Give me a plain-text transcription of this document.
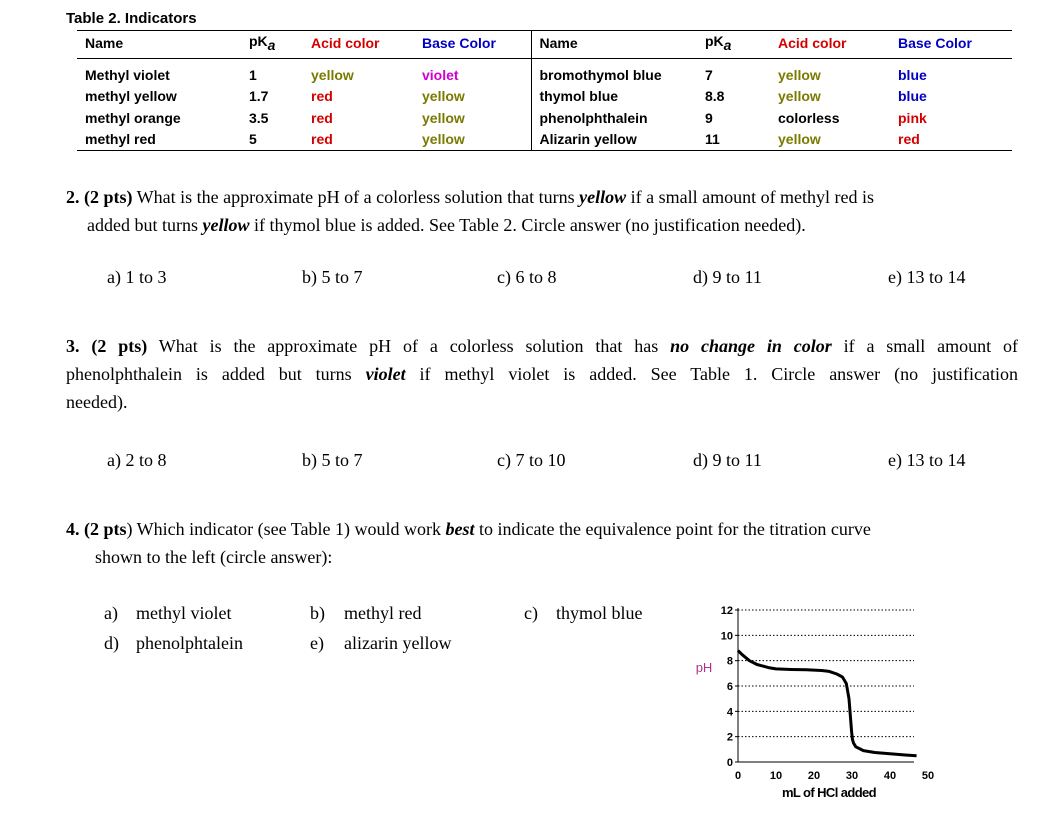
Table 2. Indicators
Name	$pK_a$	Acid color	Base Color	Name	$pK_a$	Acid color	Base Color
Methyl violet	1	yellow	violet	bromothymol blue	7	yellow	blue
methyl yellow	1.7	red	yellow	thymol blue	8.8	yellow	blue
methyl orange	3.5	red	yellow	phenolphthalein	9	colorless	pink
methyl red	5	red	yellow	Alizarin yellow	11	yellow	red
2. (2 pts) What is the approximate pH of a colorless solution that turns yellow if a small amount of methyl red is
added but turns yellow if thymol blue is added. See Table 2. Circle answer (no justification needed).
a) 1 to 3	b) 5 to 7	c) 6 to 8	d) 9 to 11	e) 13 to 14
3. (2 pts) What is the approximate pH of a colorless solution that has no change in color if a small amount of
phenolphthalein is added but turns violet if methyl violet is added. See Table 1. Circle answer (no justification
needed).
a) 2 to 8	b) 5 to 7	c) 7 to 10	d) 9 to 11	e) 13 to 14
4. (2 pts) Which indicator (see Table 1) would work best to indicate the equivalence point for the titration curve
shown to the left (circle answer):
a) methyl violet	b) methyl red	c) thymol blue
d) phenolphtalein	e) alizarin yellow
0
2
4
6
8
10
12
0	10 20 30 40 50
pH
mL of HCl added
